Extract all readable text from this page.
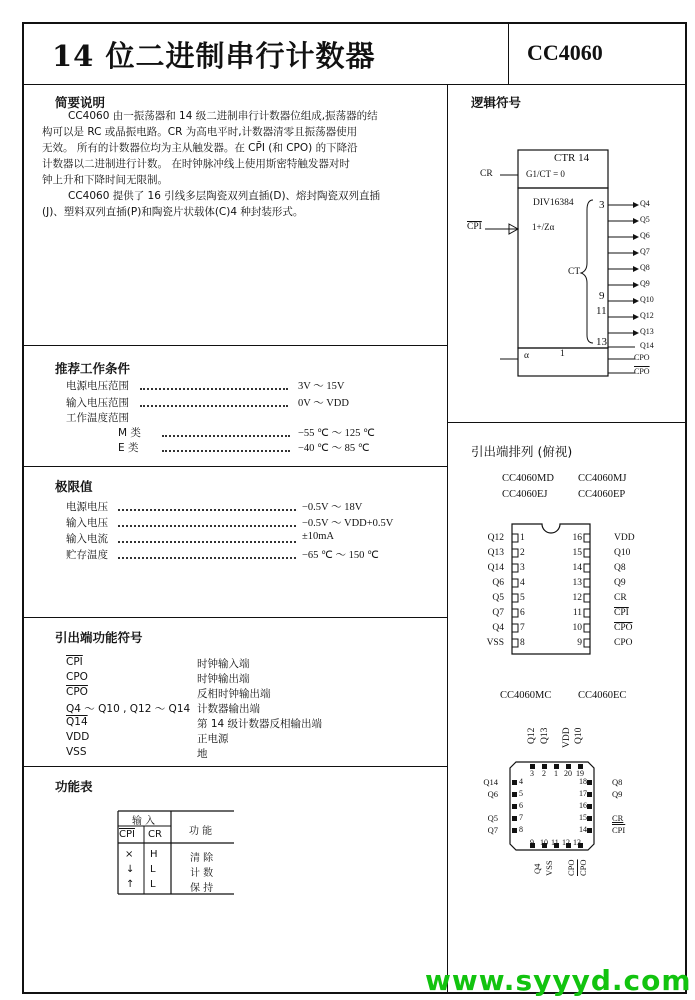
14 位二进制串行计数器	CC4060
简要说明
CC4060 由一振荡器和 14 级二进制串行计数器位组成,振荡器的结
构可以是 RC 或晶振电路。CR 为高电平时,计数器清零且振荡器使用
无效。 所有的计数器位均为主从触发器。在 CP̄I (和 CPO) 的下降沿
计数器以二进制进行计数。 在时钟脉冲线上使用斯密特触发器对时
钟上升和下降时间无限制。
CC4060 提供了 16 引线多层陶瓷双列直插(D)、熔封陶瓷双列直插
(J)、塑料双列直插(P)和陶瓷片状载体(C)4 种封装形式。
推荐工作条件
电源电压范围	3V ～ 15V
输入电压范围	0V ～ VDD
工作温度范围
M 类	−55 ℃ ～ 125 ℃
E 类	−40 ℃ ～ 85 ℃
极限值
电源电压	−0.5V ～ 18V
输入电压	−0.5V ～ VDD+0.5V
输入电流	±10mA
贮存温度	−65 ℃ ～ 150 ℃
引出端功能符号
$\overline{CPI}$	时钟输入端
CPO	时钟输出端
$\overline{CPO}$	反相时钟输出端
Q4 ～ Q10 , Q12 ～ Q14 计数器输出端
Q14	第 14 级计数器反相输出端
VDD	正电源
VSS	地
功能表
输 入
功 能
$\overline{CPI}$ CR
× H	清 除
↓ L	计 数
↑ L	保 持
逻辑符号
CTR 14
CR	G1/CT = 0
DIV16384
$\overline{CPI}$	1+/Zα
CT
α	1
3
9
11
13
Q4
Q5
Q6
Q7
Q8
Q9
Q10
Q12
Q13
Q14
CPO
$\overline{CPO}$
引出端排列 (俯视)
CC4060MD CC4060MJ
CC4060EJ	CC4060EP
Q12 1
Q13 2
Q14 3
Q6 4
Q5 5
Q7 6
Q4 7
VSS 8
16	VDD
15	Q10
14	Q8
13	Q9
12	CR
11	$\overline{CPI}$
10	$\overline{CPO}$
9	CPO
CC4060MC	CC4060EC
Q12 Q13 VDD Q10
3 2 1 20 19
Q14	4
Q6	5
6
Q5	7
Q7	8
18	Q8
17	Q9
16
15	CR
14	$\overline{CPI}$
9 10 11 12 13
Q4 VSS CPO $\overline{CPO}$
www.syyyd.com
